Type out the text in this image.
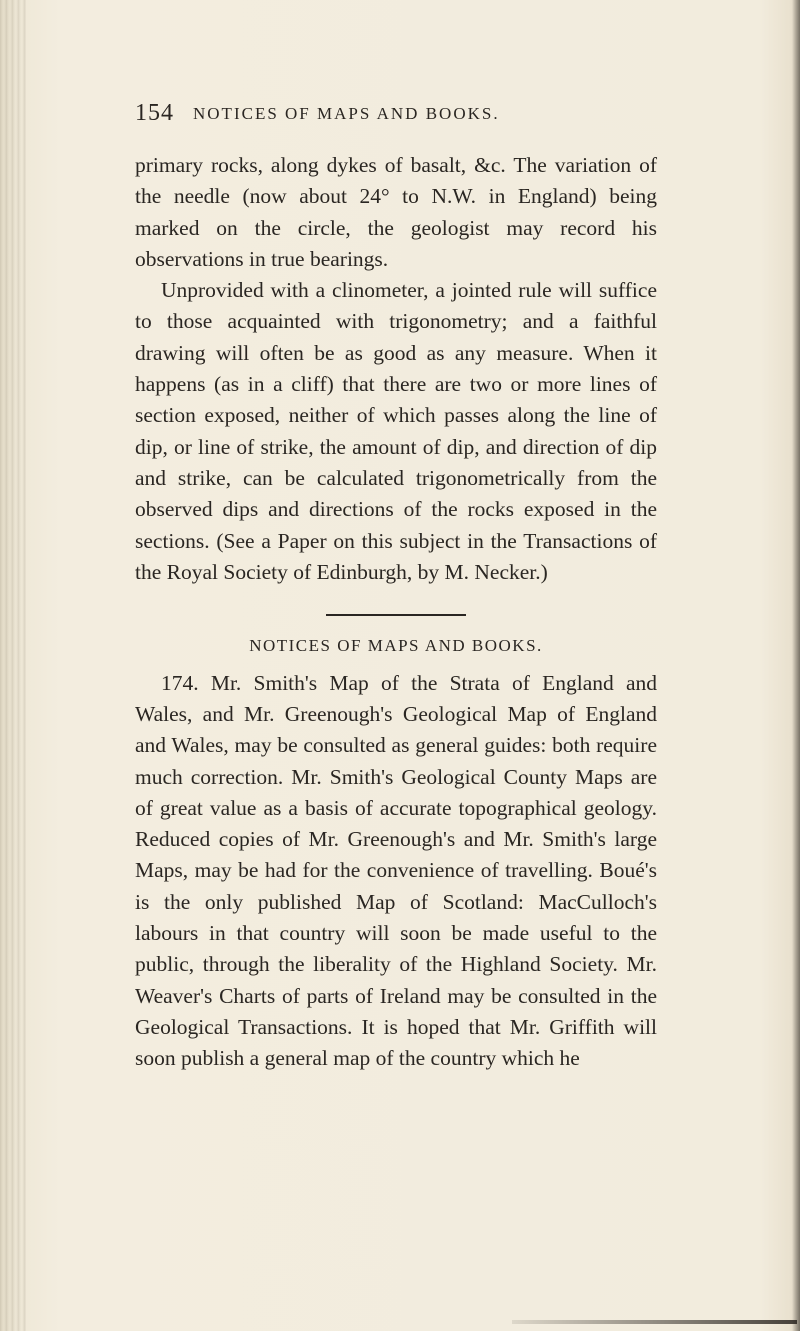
154 NOTICES OF MAPS AND BOOKS.

primary rocks, along dykes of basalt, &c. The variation of the needle (now about 24° to N.W. in England) being marked on the circle, the geologist may record his observations in true bearings.

Unprovided with a clinometer, a jointed rule will suffice to those acquainted with trigonometry; and a faithful drawing will often be as good as any measure. When it happens (as in a cliff) that there are two or more lines of section exposed, neither of which passes along the line of dip, or line of strike, the amount of dip, and direction of dip and strike, can be calculated trigonometrically from the observed dips and directions of the rocks exposed in the sections. (See a Paper on this subject in the Transactions of the Royal Society of Edinburgh, by M. Necker.)

NOTICES OF MAPS AND BOOKS.

174. Mr. Smith's Map of the Strata of England and Wales, and Mr. Greenough's Geological Map of England and Wales, may be consulted as general guides: both require much correction. Mr. Smith's Geological County Maps are of great value as a basis of accurate topographical geology. Reduced copies of Mr. Greenough's and Mr. Smith's large Maps, may be had for the convenience of travelling. Boué's is the only published Map of Scotland: MacCulloch's labours in that country will soon be made useful to the public, through the liberality of the Highland Society. Mr. Weaver's Charts of parts of Ireland may be consulted in the Geological Transactions. It is hoped that Mr. Griffith will soon publish a general map of the country which he
